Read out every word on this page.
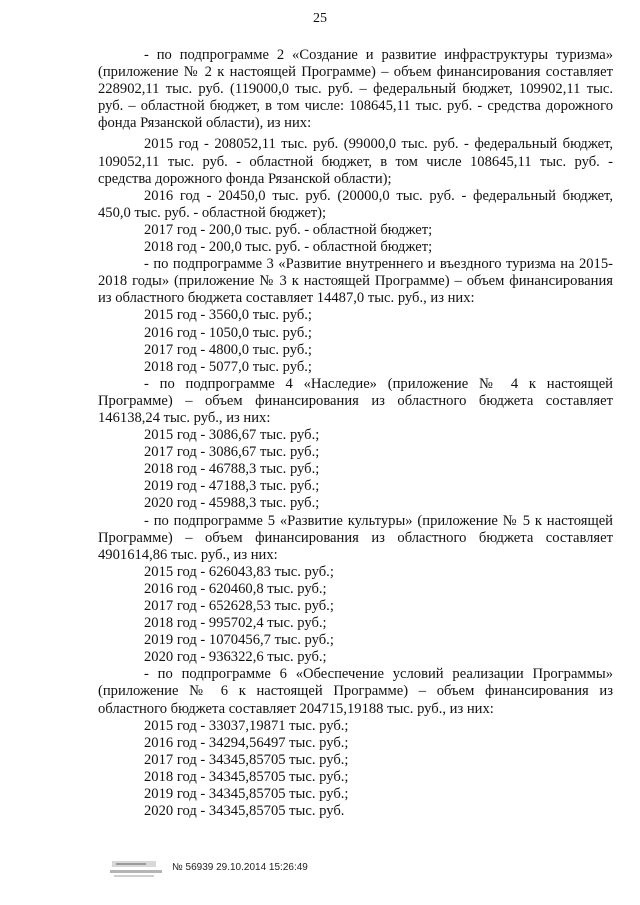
25

- по подпрограмме 2 «Создание и развитие инфраструктуры туризма» (приложение № 2 к настоящей Программе) – объем финансирования составляет 228902,11 тыс. руб. (119000,0 тыс. руб. – федеральный бюджет, 109902,11 тыс. руб. – областной бюджет, в том числе: 108645,11 тыс. руб. - средства дорожного фонда Рязанской области), из них:

2015 год - 208052,11 тыс. руб. (99000,0 тыс. руб. - федеральный бюджет, 109052,11 тыс. руб. - областной бюджет, в том числе 108645,11 тыс. руб. - средства дорожного фонда Рязанской области);

2016 год - 20450,0 тыс. руб. (20000,0 тыс. руб. - федеральный бюджет, 450,0 тыс. руб. - областной бюджет);

2017 год - 200,0 тыс. руб. - областной бюджет;

2018 год - 200,0 тыс. руб. - областной бюджет;

- по подпрограмме 3 «Развитие внутреннего и въездного туризма на 2015-2018 годы» (приложение № 3 к настоящей Программе) – объем финансирования из областного бюджета составляет 14487,0 тыс. руб., из них:

2015 год - 3560,0 тыс. руб.;

2016 год - 1050,0 тыс. руб.;

2017 год - 4800,0 тыс. руб.;

2018 год - 5077,0 тыс. руб.;

- по подпрограмме 4 «Наследие» (приложение № 4 к настоящей Программе) – объем финансирования из областного бюджета составляет 146138,24 тыс. руб., из них:

2015 год - 3086,67 тыс. руб.;

2017 год - 3086,67 тыс. руб.;

2018 год - 46788,3 тыс. руб.;

2019 год - 47188,3 тыс. руб.;

2020 год - 45988,3 тыс. руб.;

- по подпрограмме 5 «Развитие культуры» (приложение № 5 к настоящей Программе) – объем финансирования из областного бюджета составляет 4901614,86 тыс. руб., из них:

2015 год - 626043,83 тыс. руб.;

2016 год - 620460,8 тыс. руб.;

2017 год - 652628,53 тыс. руб.;

2018 год - 995702,4 тыс. руб.;

2019 год - 1070456,7 тыс. руб.;

2020 год - 936322,6 тыс. руб.;

- по подпрограмме 6 «Обеспечение условий реализации Программы» (приложение № 6 к настоящей Программе) – объем финансирования из областного бюджета составляет 204715,19188 тыс. руб., из них:

2015 год - 33037,19871 тыс. руб.;

2016 год - 34294,56497 тыс. руб.;

2017 год - 34345,85705 тыс. руб.;

2018 год - 34345,85705 тыс. руб.;

2019 год - 34345,85705 тыс. руб.;

2020 год - 34345,85705 тыс. руб.

№ 56939 29.10.2014 15:26:49
